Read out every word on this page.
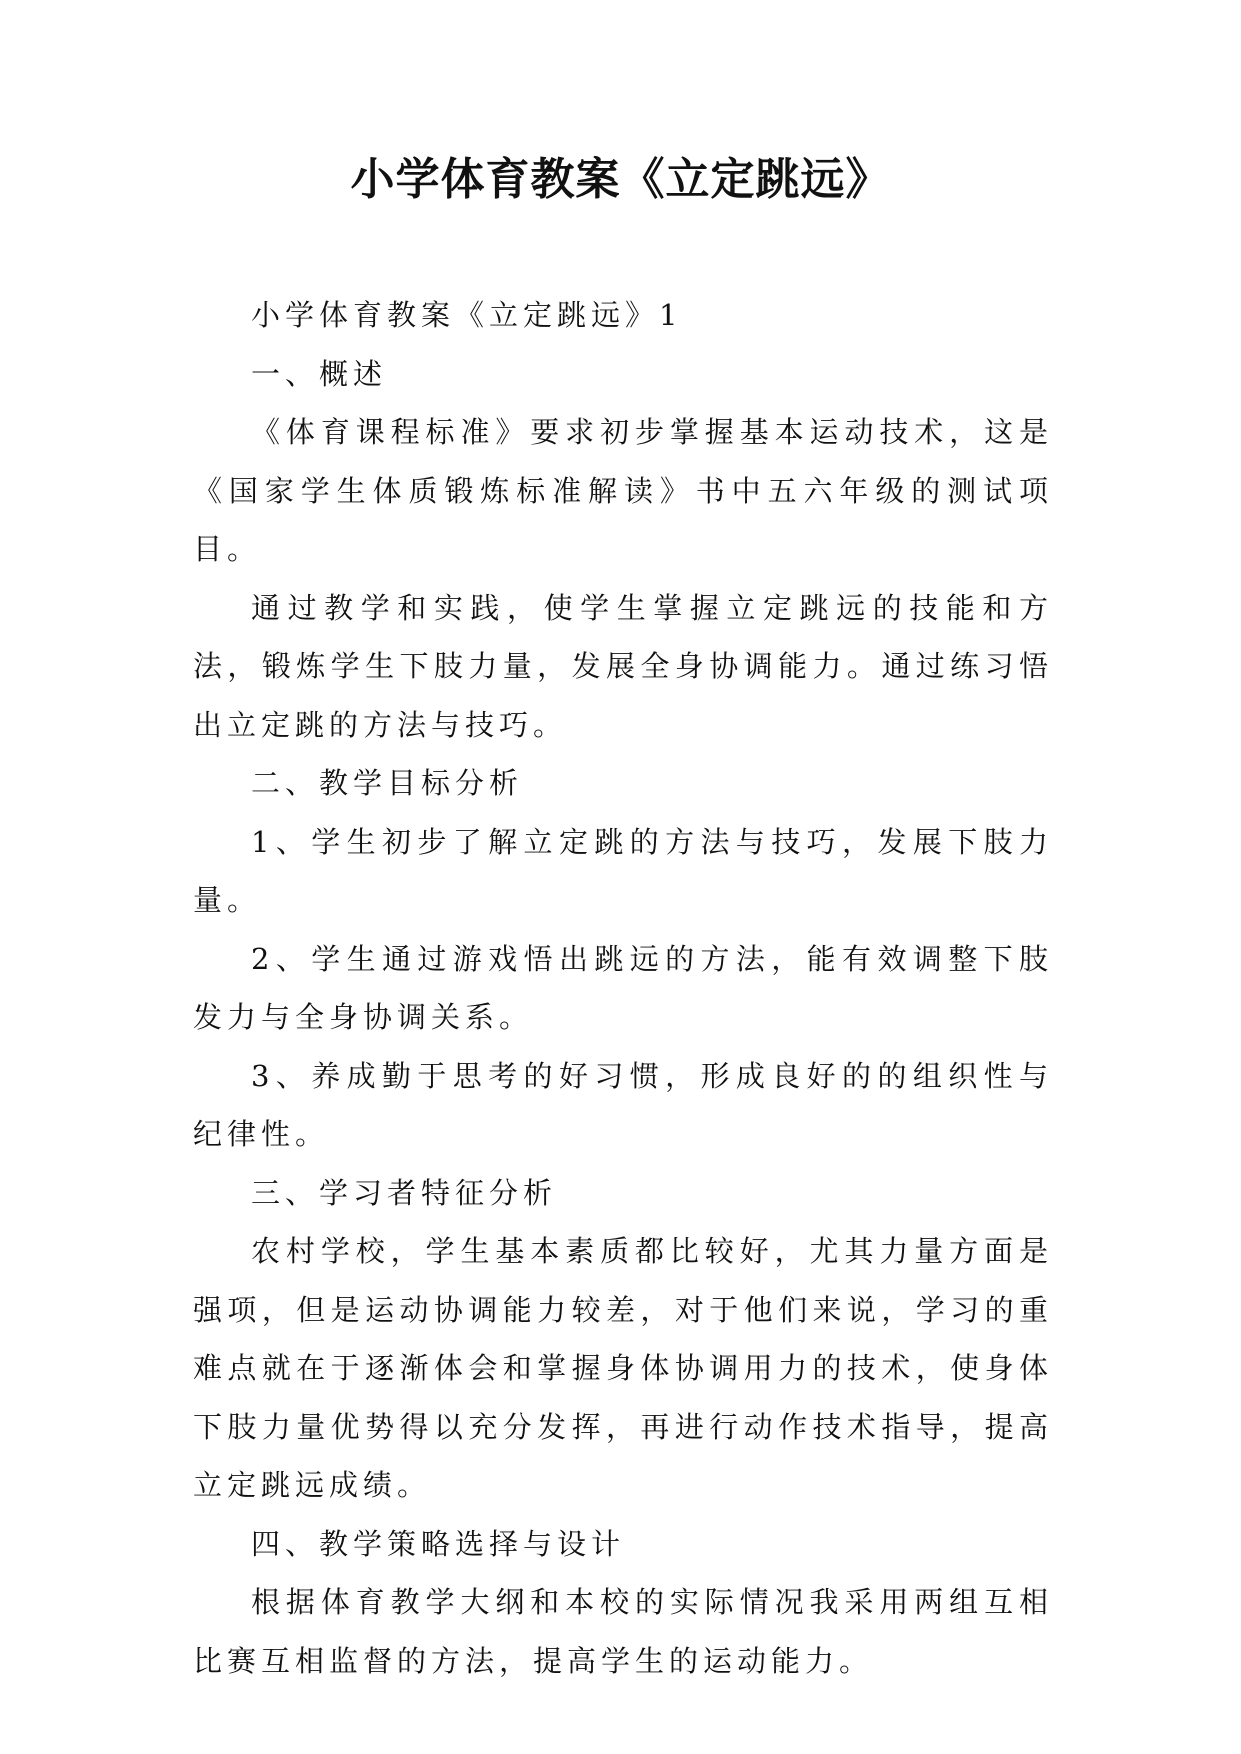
小学体育教案《立定跳远》

小学体育教案《立定跳远》1

一、概述

《体育课程标准》要求初步掌握基本运动技术，这是《国家学生体质锻炼标准解读》书中五六年级的测试项目。

通过教学和实践，使学生掌握立定跳远的技能和方法，锻炼学生下肢力量，发展全身协调能力。通过练习悟出立定跳的方法与技巧。

二、教学目标分析

1、学生初步了解立定跳的方法与技巧，发展下肢力量。

2、学生通过游戏悟出跳远的方法，能有效调整下肢发力与全身协调关系。

3、养成勤于思考的好习惯，形成良好的的组织性与纪律性。

三、学习者特征分析

农村学校，学生基本素质都比较好，尤其力量方面是强项，但是运动协调能力较差，对于他们来说，学习的重难点就在于逐渐体会和掌握身体协调用力的技术，使身体下肢力量优势得以充分发挥，再进行动作技术指导，提高立定跳远成绩。

四、教学策略选择与设计

根据体育教学大纲和本校的实际情况我采用两组互相比赛互相监督的方法，提高学生的运动能力。
